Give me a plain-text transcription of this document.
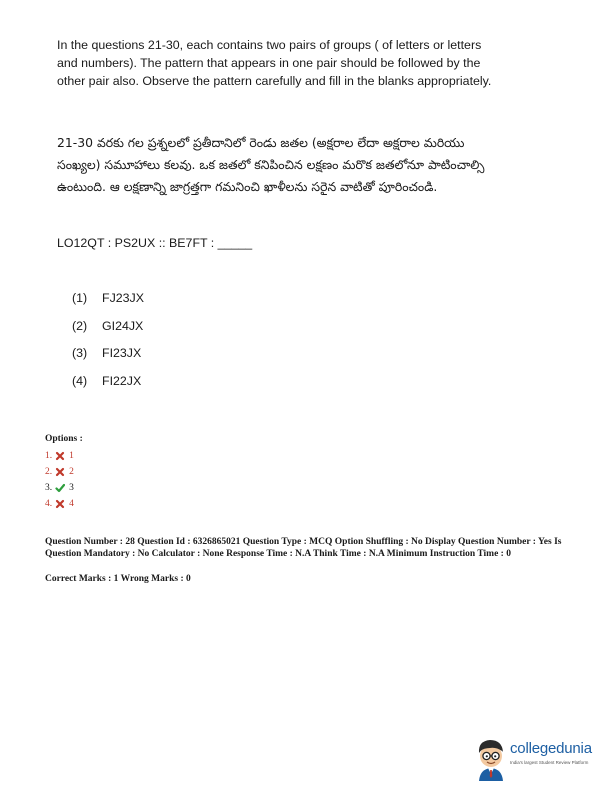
In the questions 21-30, each contains two pairs of groups ( of letters or letters and numbers). The pattern that appears in one pair should be followed by the other pair also. Observe the pattern carefully and fill in the blanks appropriately.

21-30 వరకు గల ప్రశ్నలలో ప్రతీదానిలో రెండు జతల (అక్షరాల లేదా అక్షరాల మరియు సంఖ్యల) సమూహాలు కలవు. ఒక జతలో కనిపించిన లక్షణం మరొక జతలోనూ పాటించాల్సి ఉంటుంది. ఆ లక్షణాన్ని జాగ్రత్తగా గమనించి ఖాళీలను సరైన వాటితో పూరించండి.

LO12QT : PS2UX :: BE7FT : _____

(1) FJ23JX
(2) GI24JX
(3) FI23JX
(4) FI22JX
Options :
1. 1
2. 2
3. 3
4. 4

Question Number : 28 Question Id : 6326865021 Question Type : MCQ Option Shuffling : No Display Question Number : Yes Is Question Mandatory : No Calculator : None Response Time : N.A Think Time : N.A Minimum Instruction Time : 0

Correct Marks : 1 Wrong Marks : 0

collegedunia
India's largest Student Review Platform
